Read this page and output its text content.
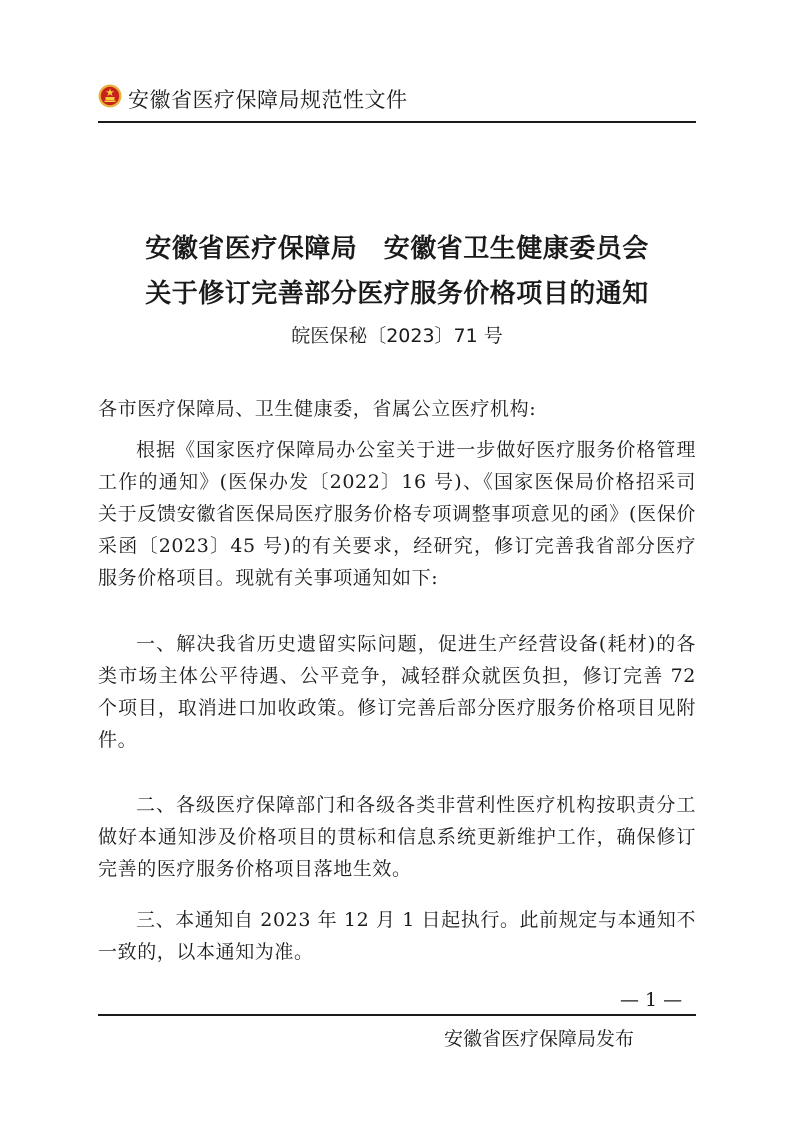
安徽省医疗保障局规范性文件
安徽省医疗保障局　安徽省卫生健康委员会
关于修订完善部分医疗服务价格项目的通知
皖医保秘〔2023〕71 号
各市医疗保障局、卫生健康委，省属公立医疗机构:

根据《国家医疗保障局办公室关于进一步做好医疗服务价格管理工作的通知》(医保办发〔2022〕16 号)、《国家医保局价格招采司关于反馈安徽省医保局医疗服务价格专项调整事项意见的函》(医保价采函〔2023〕45 号)的有关要求，经研究，修订完善我省部分医疗服务价格项目。现就有关事项通知如下:

一、解决我省历史遗留实际问题，促进生产经营设备(耗材)的各类市场主体公平待遇、公平竞争，减轻群众就医负担，修订完善 72 个项目，取消进口加收政策。修订完善后部分医疗服务价格项目见附件。

二、各级医疗保障部门和各级各类非营利性医疗机构按职责分工做好本通知涉及价格项目的贯标和信息系统更新维护工作，确保修订完善的医疗服务价格项目落地生效。

三、本通知自 2023 年 12 月 1 日起执行。此前规定与本通知不一致的，以本通知为准。

— 1 —
安徽省医疗保障局发布
